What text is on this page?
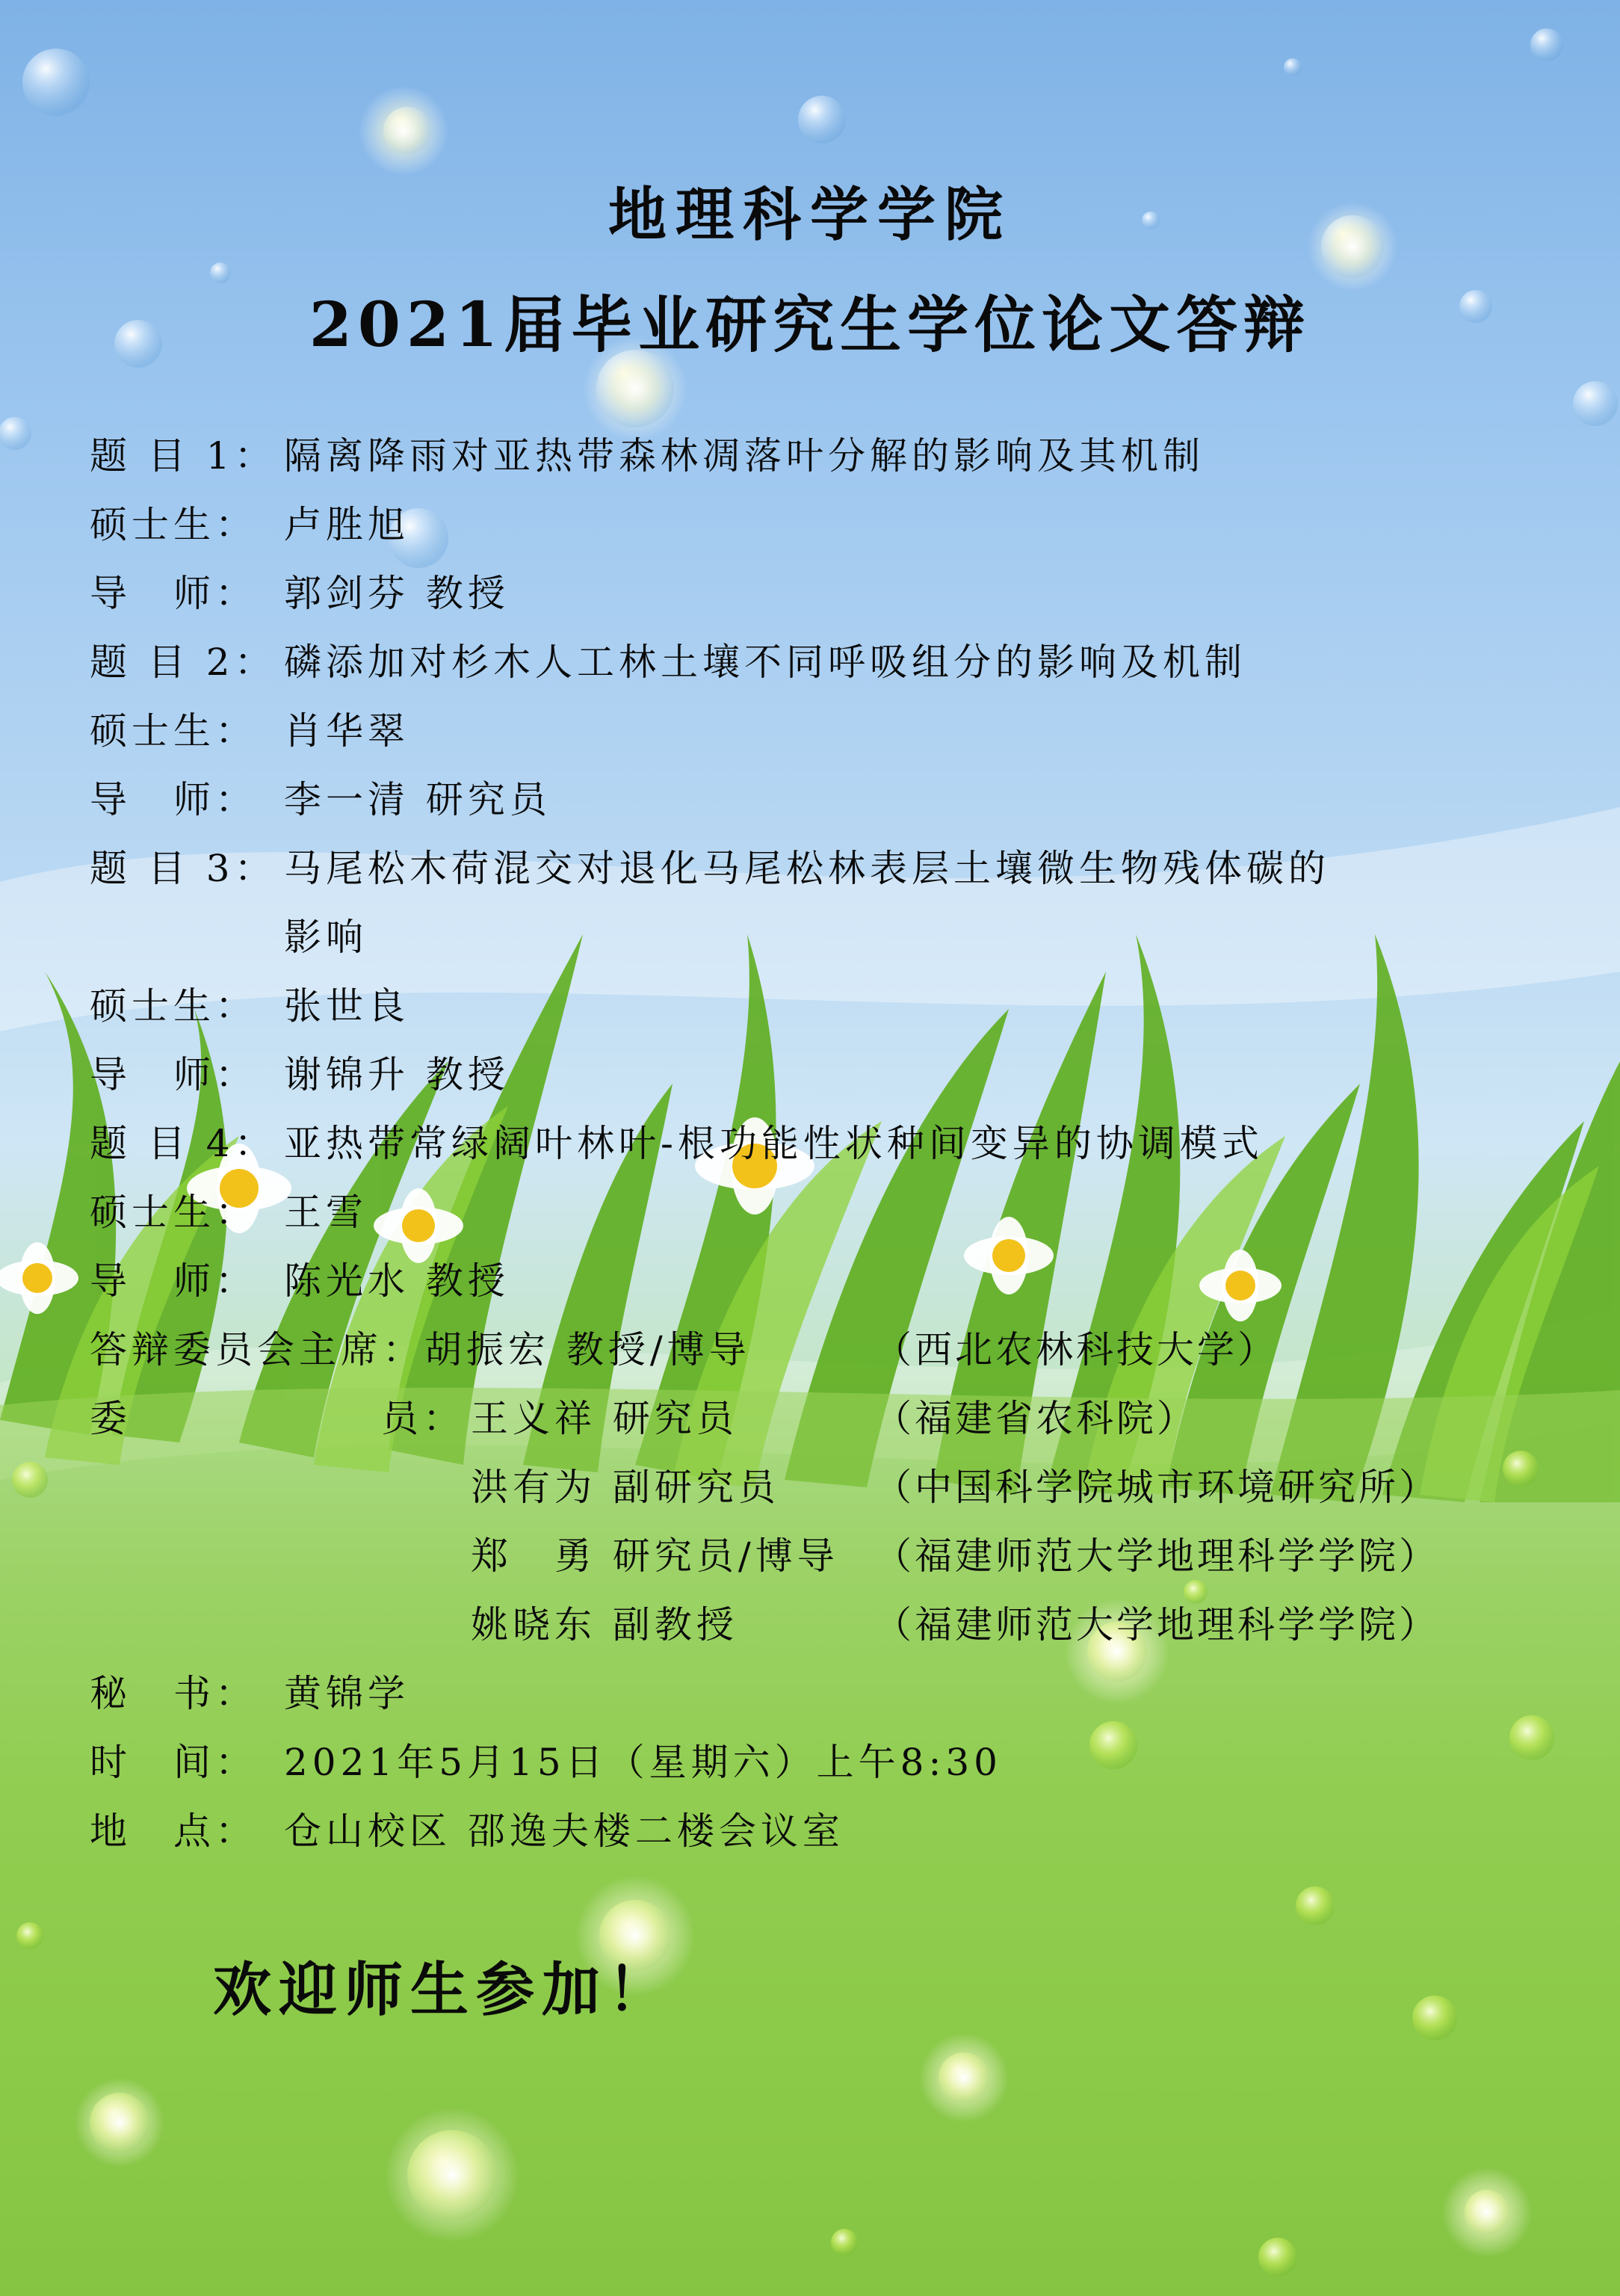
地理科学学院
2021届毕业研究生学位论文答辩
题 目 1： 隔离降雨对亚热带森林凋落叶分解的影响及其机制
硕士生： 卢胜旭
导　师： 郭剑芬 教授
题 目 2： 磷添加对杉木人工林土壤不同呼吸组分的影响及机制
硕士生： 肖华翠
导　师： 李一清 研究员
题 目 3： 马尾松木荷混交对退化马尾松林表层土壤微生物残体碳的
影响
硕士生： 张世良
导　师： 谢锦升 教授
题 目 4： 亚热带常绿阔叶林叶-根功能性状种间变异的协调模式
硕士生： 王雪
导　师： 陈光水 教授
答辩委员会主席：胡振宏 教授/博导	（西北农林科技大学）
委	员： 王义祥 研究员	（福建省农科院）
洪有为 副研究员	（中国科学院城市环境研究所）
郑　勇 研究员/博导 （福建师范大学地理科学学院）
姚晓东 副教授	（福建师范大学地理科学学院）
秘　书： 黄锦学
时　间： 2021年5月15日（星期六）上午8:30
地　点： 仓山校区 邵逸夫楼二楼会议室
欢迎师生参加！
